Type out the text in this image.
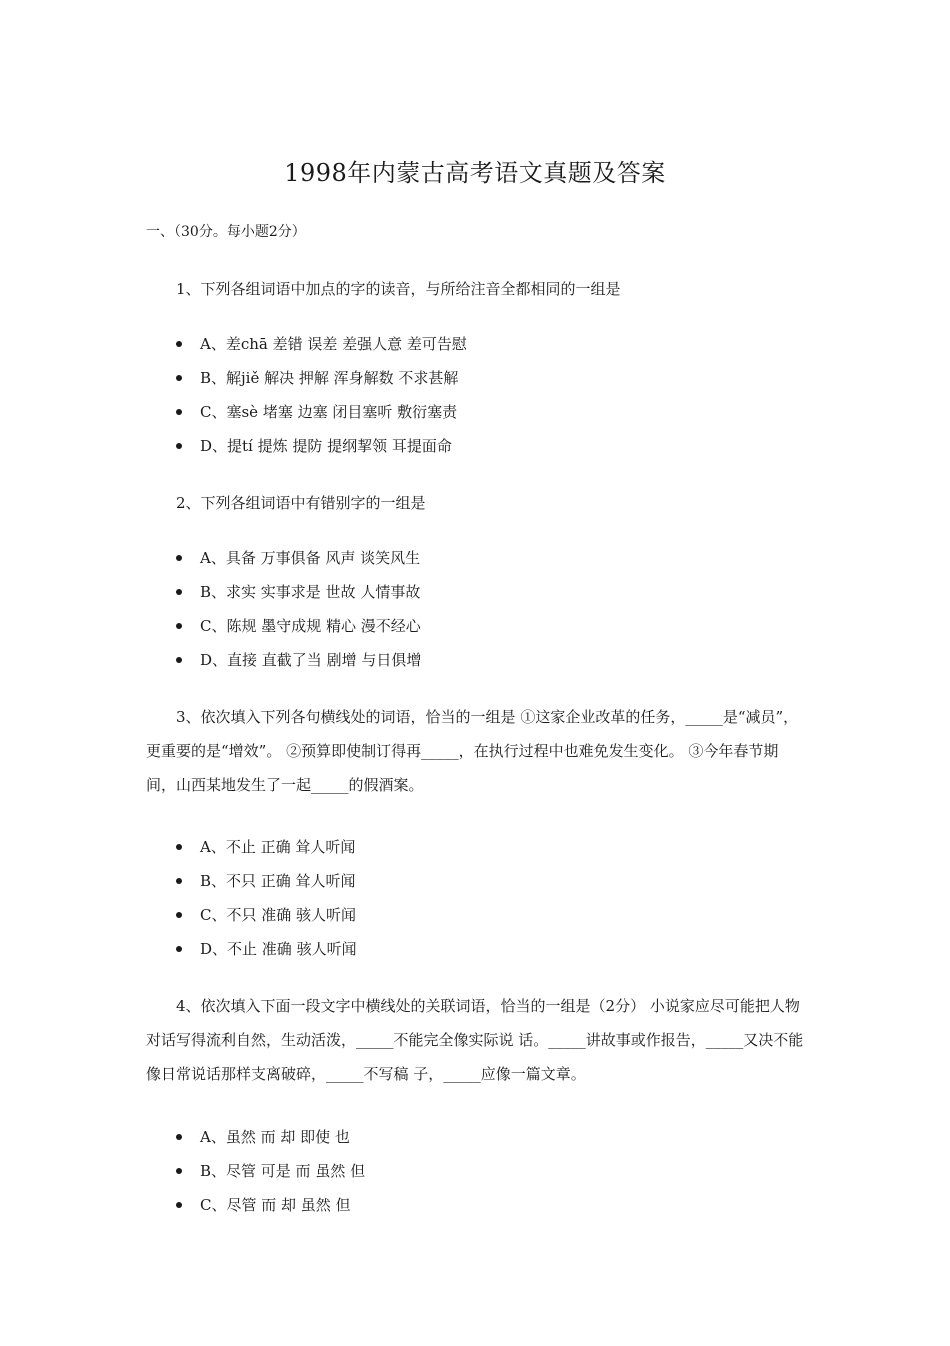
1998年内蒙古高考语文真题及答案
一、（30分。每小题2分）
1、下列各组词语中加点的字的读音，与所给注音全都相同的一组是
A、差chā 差错 误差 差强人意 差可告慰
B、解jiě 解决 押解 浑身解数 不求甚解
C、塞sè 堵塞 边塞 闭目塞听 敷衍塞责
D、提tí 提炼 提防 提纲挈领 耳提面命
2、下列各组词语中有错别字的一组是
A、具备 万事俱备 风声 谈笑风生
B、求实 实事求是 世故 人情事故
C、陈规 墨守成规 精心 漫不经心
D、直接 直截了当 剧增 与日俱增
3、依次填入下列各句横线处的词语，恰当的一组是 ①这家企业改革的任务，_____是“减员”，更重要的是“增效”。 ②预算即使制订得再_____，在执行过程中也难免发生变化。 ③今年春节期间，山西某地发生了一起_____的假酒案。
A、不止 正确 耸人听闻
B、不只 正确 耸人听闻
C、不只 准确 骇人听闻
D、不止 准确 骇人听闻
4、依次填入下面一段文字中横线处的关联词语，恰当的一组是（2分） 小说家应尽可能把人物对话写得流利自然，生动活泼，_____不能完全像实际说 话。_____讲故事或作报告，_____又决不能像日常说话那样支离破碎，_____不写稿 子，_____应像一篇文章。
A、虽然 而 却 即使 也
B、尽管 可是 而 虽然 但
C、尽管 而 却 虽然 但
